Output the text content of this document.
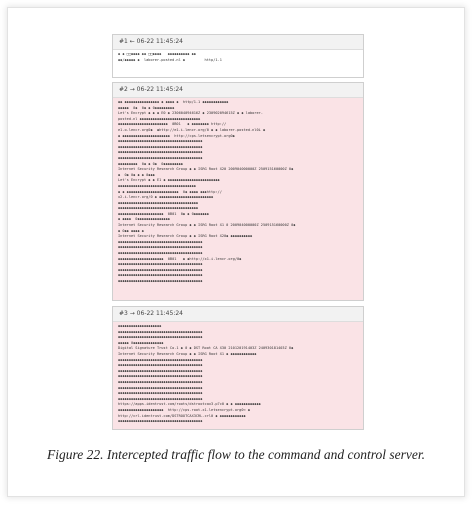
#1 ← 06-22 11:45:24
◆ ◆ □□◆◆◆◆ ◆◆ □□◆◆◆◆   ◆◆◆◆◆◆◆◆◆◆ ◆◆
◆◆/◆◆◆◆◆ ◆  laborer-posted.nl ◆         http/1.1
#2 → 06-22 11:45:24
◆◆ ◆◆◆◆◆◆◆◆◆◆◆◆◆◆◆◆ ◆ ◆◆◆◆ ◆  http/1.1 ◆◆◆◆◆◆◆◆◆◆◆◆
◆◆◆◆◆  0◆  0◆ ◆ 0◆◆◆◆◆◆◆◆◆
Let's Encrypt ◆ ◆ ◆ E0 ◆ 230604094616Z ◆ 230902094615Z ◆ ◆ laborer-
posted.nl ◆◆◆◆◆◆◆◆◆◆◆◆◆◆◆◆◆◆◆◆◆◆◆◆◆◆◆◆
◆◆◆◆◆◆◆◆◆◆◆◆◆◆◆◆◆◆◆◆◆◆◆  0B01   ◆ ◆◆◆◆◆◆◆◆ http://
e1.o.lencr.org0◆  ◆http://e1.i.lencr.org/0 ◆ ◆ laborer-posted.nl0L ◆
◆ ◆◆◆◆◆◆◆◆◆◆◆◆◆◆◆◆◆◆◆◆◆◆  http://cps.letsencrypt.org0◆
◆◆◆◆◆◆◆◆◆◆◆◆◆◆◆◆◆◆◆◆◆◆◆◆◆◆◆◆◆◆◆◆◆◆◆◆◆◆◆
◆◆◆◆◆◆◆◆◆◆◆◆◆◆◆◆◆◆◆◆◆◆◆◆◆◆◆◆◆◆◆◆◆◆◆◆◆◆◆
◆◆◆◆◆◆◆◆◆◆◆◆◆◆◆◆◆◆◆◆◆◆◆◆◆◆◆◆◆◆◆◆◆◆◆◆◆◆◆
◆◆◆◆◆◆◆◆◆◆◆◆◆◆◆◆◆◆◆◆◆◆◆◆◆◆◆◆◆◆◆◆◆◆◆◆◆◆◆
◆◆◆◆◆◆◆◆◆  0◆ ◆ 0◆  0◆◆◆◆◆◆◆◆◆
Internet Security Research Group ◆ ◆ ISRG Root X20 200904000000Z 250915160000Z 0◆
◆  0◆ 0◆ ◆ ◆ 0◆◆◆
Let's Encrypt ◆ ◆ E1 ◆ ◆◆◆◆◆◆◆◆◆◆◆◆◆◆◆◆◆◆◆◆◆◆◆◆
◆◆◆◆◆◆◆◆◆◆◆◆◆◆◆◆◆◆◆◆◆◆◆◆◆◆◆◆◆◆◆◆◆◆◆◆
◆ ◆ ◆◆◆◆◆◆◆◆◆◆◆◆◆◆◆◆◆◆◆◆◆◆◆◆  0◆ ◆◆◆◆ ◆◆◆http://
x2.i.lencr.org/0 ◆ ◆◆◆◆◆◆◆◆◆◆◆◆◆◆◆◆◆◆◆◆◆◆◆◆◆
◆◆◆◆◆◆◆◆◆◆◆◆◆◆◆◆◆◆◆◆◆◆◆◆◆◆◆◆◆◆◆◆◆◆◆◆◆
◆◆◆◆◆◆◆◆◆◆◆◆◆◆◆◆◆◆◆◆◆◆◆◆◆◆◆◆◆◆◆◆◆◆◆◆◆
◆◆◆◆◆◆◆◆◆◆◆◆◆◆◆◆◆◆◆◆◆  0B01  0◆ ◆ 0◆◆◆◆◆◆◆
◆ ◆◆◆◆  0◆◆◆◆◆◆◆◆◆◆◆◆◆◆◆
Internet Security Research Group ◆ ◆ ISRG Root X1 0 200904000000Z 250915160000Z 0◆
◆ 0◆◆ ◆◆◆◆ ◆
Internet Security Research Group ◆ ◆ ISRG Root X20◆ ◆◆◆◆◆◆◆◆◆◆
◆◆◆◆◆◆◆◆◆◆◆◆◆◆◆◆◆◆◆◆◆◆◆◆◆◆◆◆◆◆◆◆◆◆◆◆◆◆◆
◆◆◆◆◆◆◆◆◆◆◆◆◆◆◆◆◆◆◆◆◆◆◆◆◆◆◆◆◆◆◆◆◆◆◆◆◆◆◆
◆◆◆◆◆◆◆◆◆◆◆◆◆◆◆◆◆◆◆◆◆◆◆◆◆◆◆◆◆◆◆◆◆◆◆◆◆◆◆
◆◆◆◆◆◆◆◆◆◆◆◆◆◆◆◆◆◆◆◆◆  0B01   ◆ ◆http://x1.i.lencr.org/0◆
◆◆◆◆◆◆◆◆◆◆◆◆◆◆◆◆◆◆◆◆◆◆◆◆◆◆◆◆◆◆◆◆◆◆◆◆◆◆◆
◆◆◆◆◆◆◆◆◆◆◆◆◆◆◆◆◆◆◆◆◆◆◆◆◆◆◆◆◆◆◆◆◆◆◆◆◆◆◆
◆◆◆◆◆◆◆◆◆◆◆◆◆◆◆◆◆◆◆◆◆◆◆◆◆◆◆◆◆◆◆◆◆◆◆◆◆◆◆
◆◆◆◆◆◆◆◆◆◆◆◆◆◆◆◆◆◆◆◆◆◆◆◆◆◆◆◆◆◆◆◆◆◆◆◆◆◆◆
#3 → 06-22 11:45:24
◆◆◆◆◆◆◆◆◆◆◆◆◆◆◆◆◆◆◆◆
◆◆◆◆◆◆◆◆◆◆◆◆◆◆◆◆◆◆◆◆◆◆◆◆◆◆◆◆◆◆◆◆◆◆◆◆◆◆◆
◆◆◆◆◆◆◆◆◆◆◆◆◆◆◆◆◆◆◆◆◆◆◆◆◆◆◆◆◆◆◆◆◆◆◆◆◆◆◆
◆◆◆◆◆ 0◆◆◆◆◆◆◆◆◆◆◆◆◆◆
Digital Signature Trust Co.1 ◆ 0 ◆ DST Root CA X30 210120191403Z 240930181403Z 0◆
Internet Security Research Group ◆ ◆ ISRG Root X1 ◆ ◆◆◆◆◆◆◆◆◆◆◆◆
◆◆◆◆◆◆◆◆◆◆◆◆◆◆◆◆◆◆◆◆◆◆◆◆◆◆◆◆◆◆◆◆◆◆◆◆◆◆◆
◆◆◆◆◆◆◆◆◆◆◆◆◆◆◆◆◆◆◆◆◆◆◆◆◆◆◆◆◆◆◆◆◆◆◆◆◆◆◆
◆◆◆◆◆◆◆◆◆◆◆◆◆◆◆◆◆◆◆◆◆◆◆◆◆◆◆◆◆◆◆◆◆◆◆◆◆◆◆
◆◆◆◆◆◆◆◆◆◆◆◆◆◆◆◆◆◆◆◆◆◆◆◆◆◆◆◆◆◆◆◆◆◆◆◆◆◆◆
◆◆◆◆◆◆◆◆◆◆◆◆◆◆◆◆◆◆◆◆◆◆◆◆◆◆◆◆◆◆◆◆◆◆◆◆◆◆◆
◆◆◆◆◆◆◆◆◆◆◆◆◆◆◆◆◆◆◆◆◆◆◆◆◆◆◆◆◆◆◆◆◆◆◆◆◆◆◆
◆◆◆◆◆◆◆◆◆◆◆◆◆◆◆◆◆◆◆◆◆◆◆◆◆◆◆◆◆◆◆◆◆◆◆◆◆◆◆
◆◆◆◆◆◆◆◆◆◆◆◆◆◆◆◆◆◆◆◆◆◆◆◆◆◆◆◆◆◆◆◆◆◆◆◆◆◆◆
https://apps.identrust.com/roots/dstrootcax3.p7c0 ◆ ◆ ◆◆◆◆◆◆◆◆◆◆◆◆
◆◆◆◆◆◆◆◆◆◆◆◆◆◆◆◆◆◆◆◆◆  http://cps.root-x1.letsencrypt.org0< ◆
http://crl.identrust.com/DSTROOTCAX3CRL.crl0 ◆ ◆◆◆◆◆◆◆◆◆◆◆◆
◆◆◆◆◆◆◆◆◆◆◆◆◆◆◆◆◆◆◆◆◆◆◆◆◆◆◆◆◆◆◆◆◆◆◆◆◆◆◆
Figure 22. Intercepted traffic flow to the command and control server.
